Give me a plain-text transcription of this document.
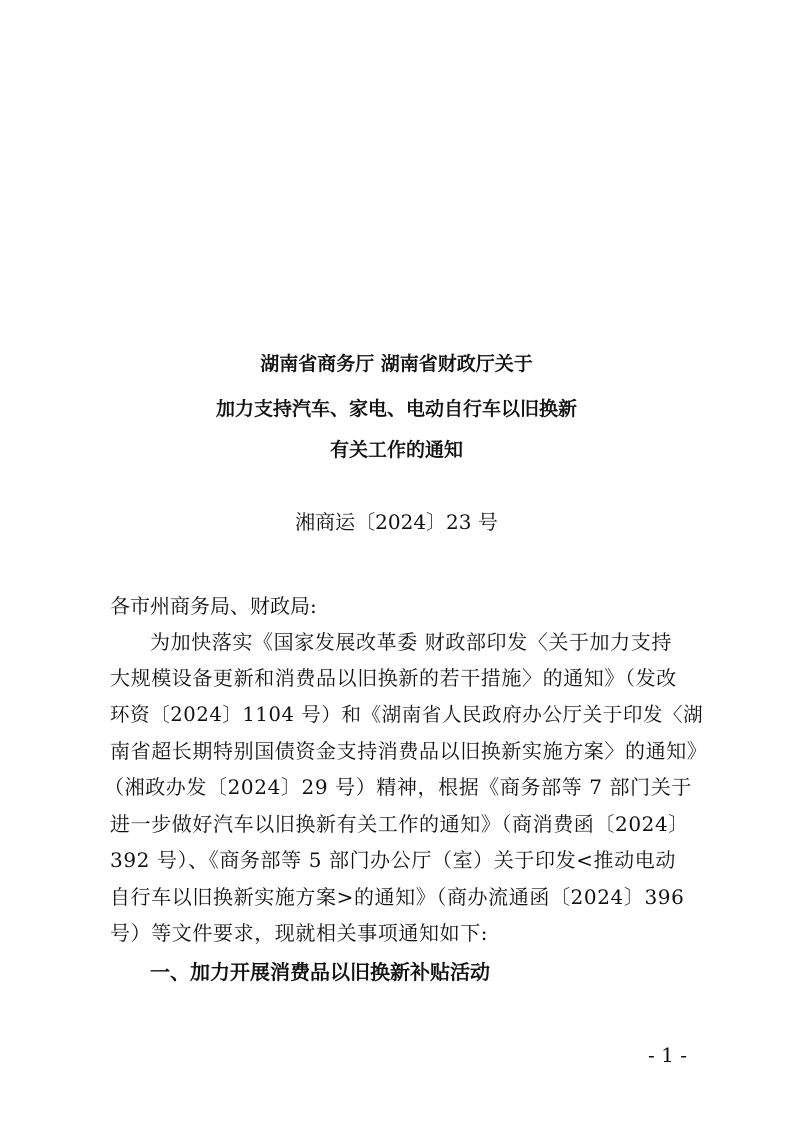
湖南省商务厅 湖南省财政厅关于
加力支持汽车、家电、电动自行车以旧换新
有关工作的通知
湘商运〔2024〕23 号
各市州商务局、财政局:
为加快落实《国家发展改革委 财政部印发〈关于加力支持
大规模设备更新和消费品以旧换新的若干措施〉的通知》（发改
环资〔2024〕1104 号）和《湖南省人民政府办公厅关于印发〈湖
南省超长期特别国债资金支持消费品以旧换新实施方案〉的通知》
（湘政办发〔2024〕29 号）精神，根据《商务部等 7 部门关于
进一步做好汽车以旧换新有关工作的通知》（商消费函〔2024〕
392 号）、《商务部等 5 部门办公厅（室）关于印发<推动电动
自行车以旧换新实施方案>的通知》（商办流通函〔2024〕396
号）等文件要求，现就相关事项通知如下:
一、加力开展消费品以旧换新补贴活动
- 1 -
